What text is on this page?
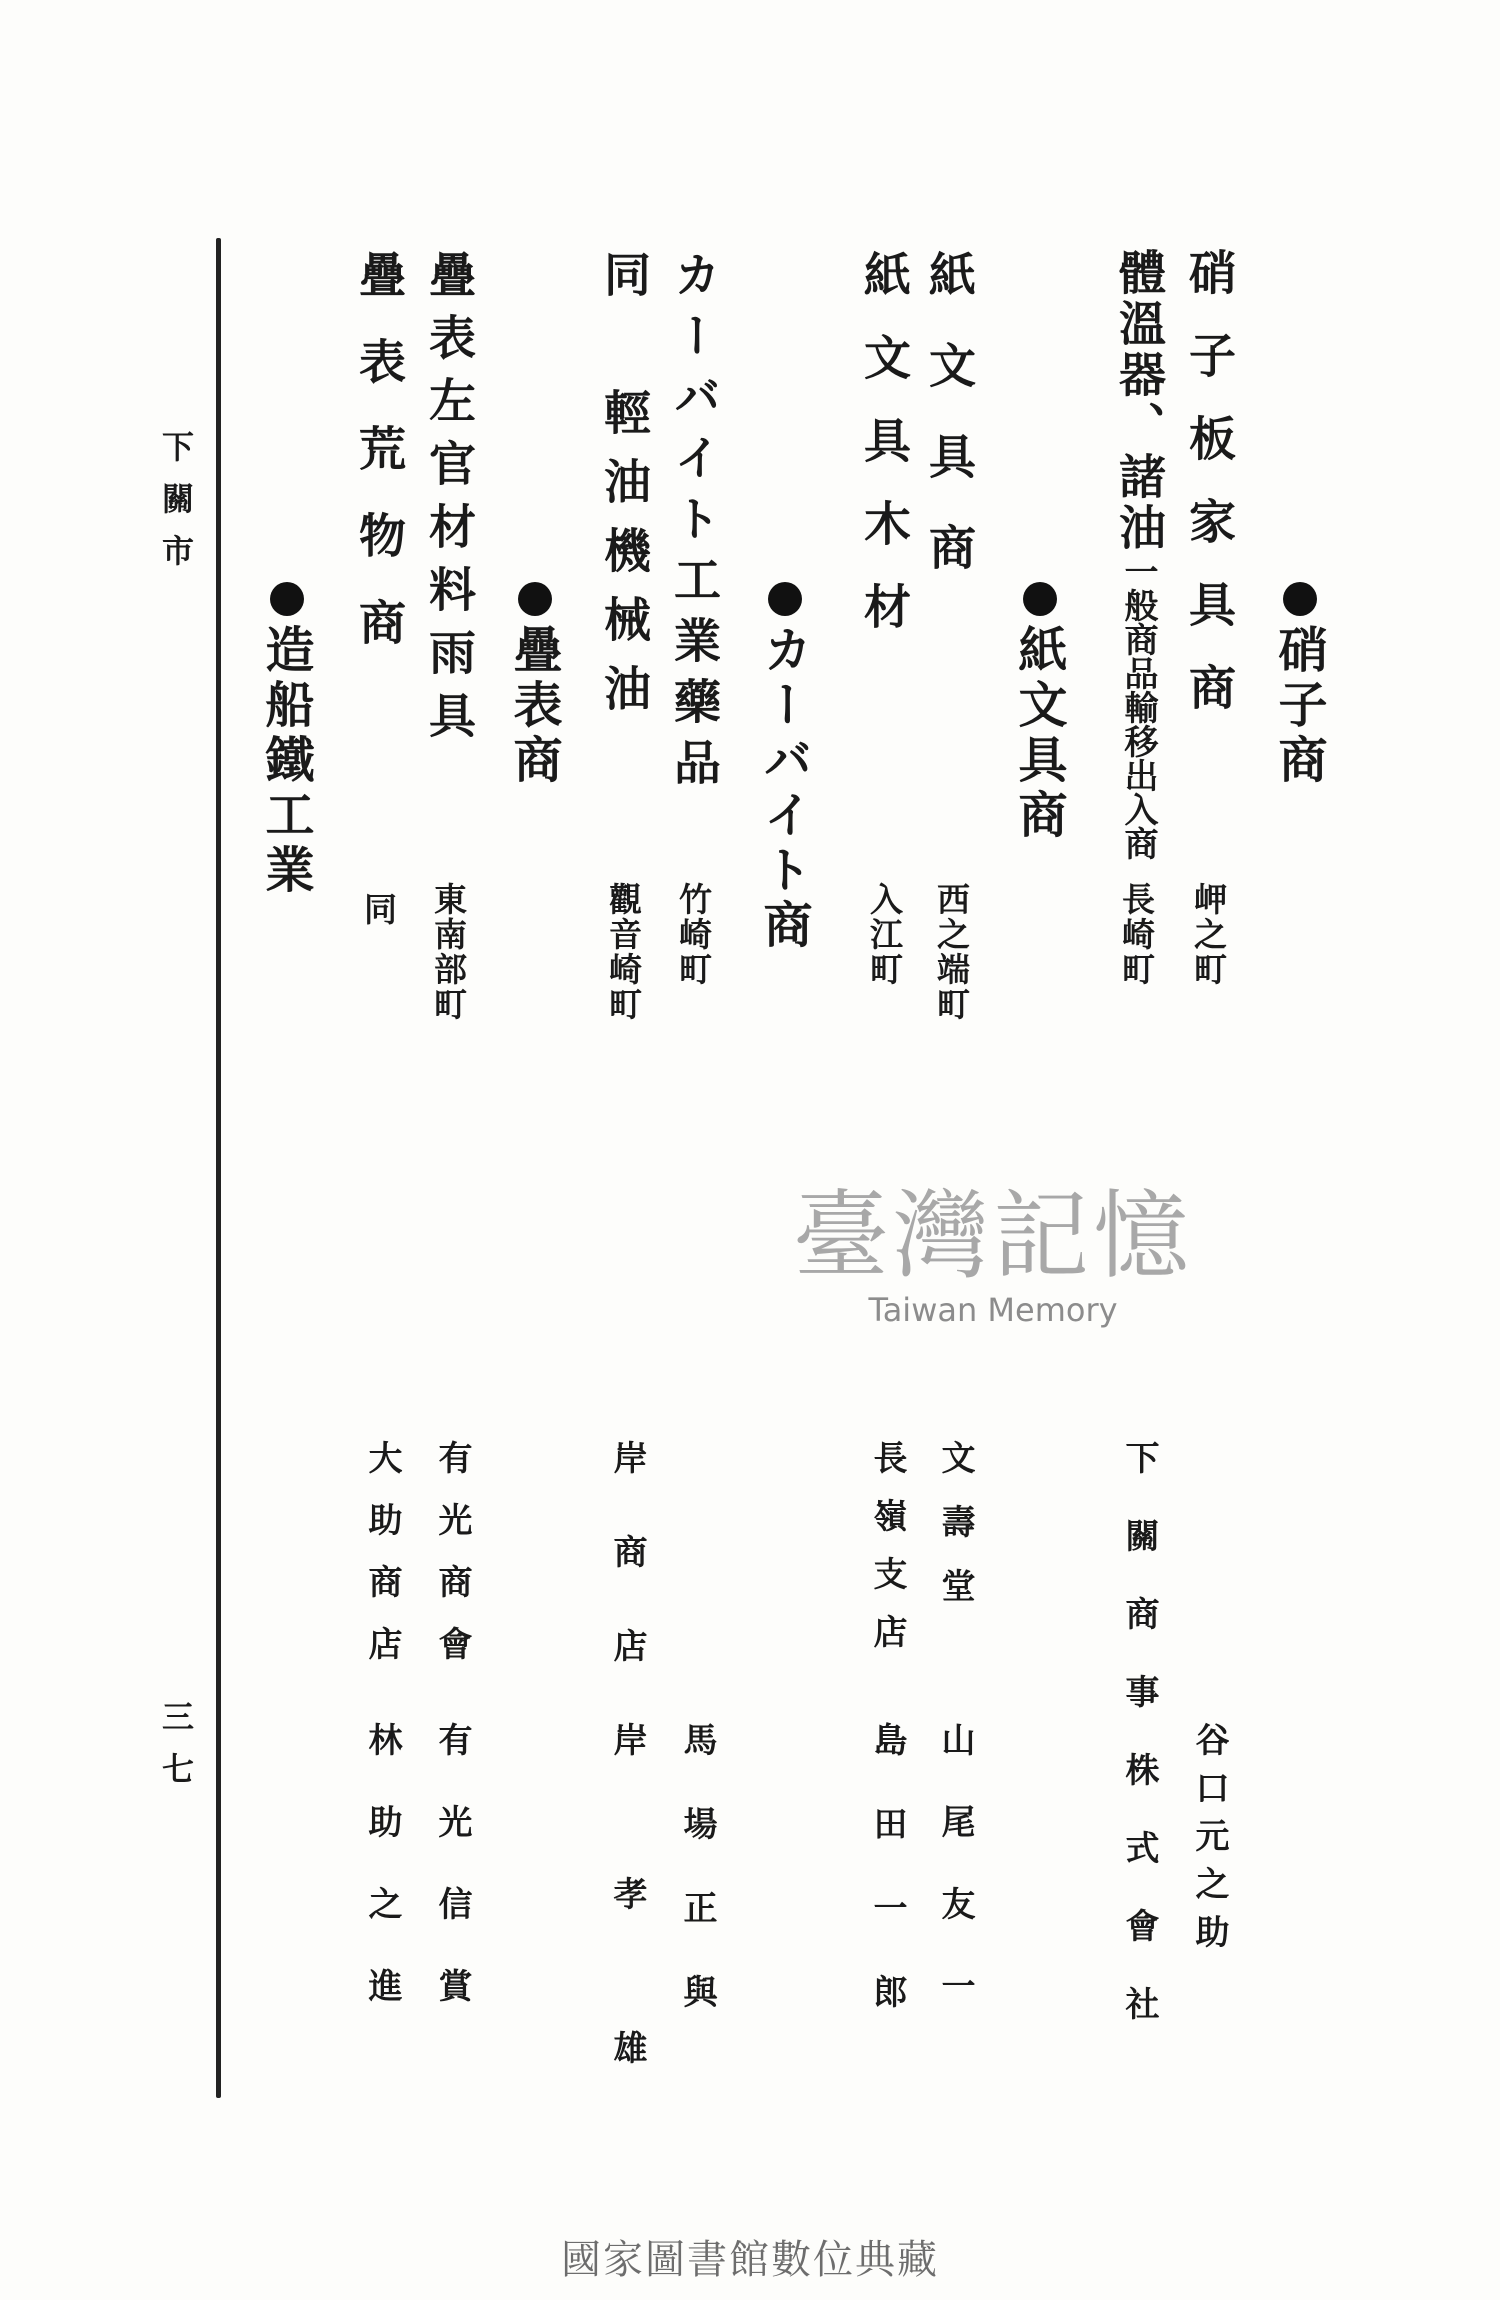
下關市
三七
硝子商
紙文具商
カーバイト商
疊表商
造船鐵工業
硝子板家具商
體溫器、諸油一般商品輸移出入商
紙文具商
紙文具木材
カーバイト工業藥品
同　輕油機械油
疊表左官材料雨具
疊表荒物商
岬之町
長崎町
西之端町
入江町
竹崎町
觀音崎町
東南部町
同
臺灣記憶
Taiwan Memory
下關商事株式會社
文壽堂
長嶺支店
岸商店
有光商會
大助商店
谷口元之助
山尾友一
島田一郎
馬場正與
岸孝雄
有光信賞
林助之進
國家圖書館數位典藏
